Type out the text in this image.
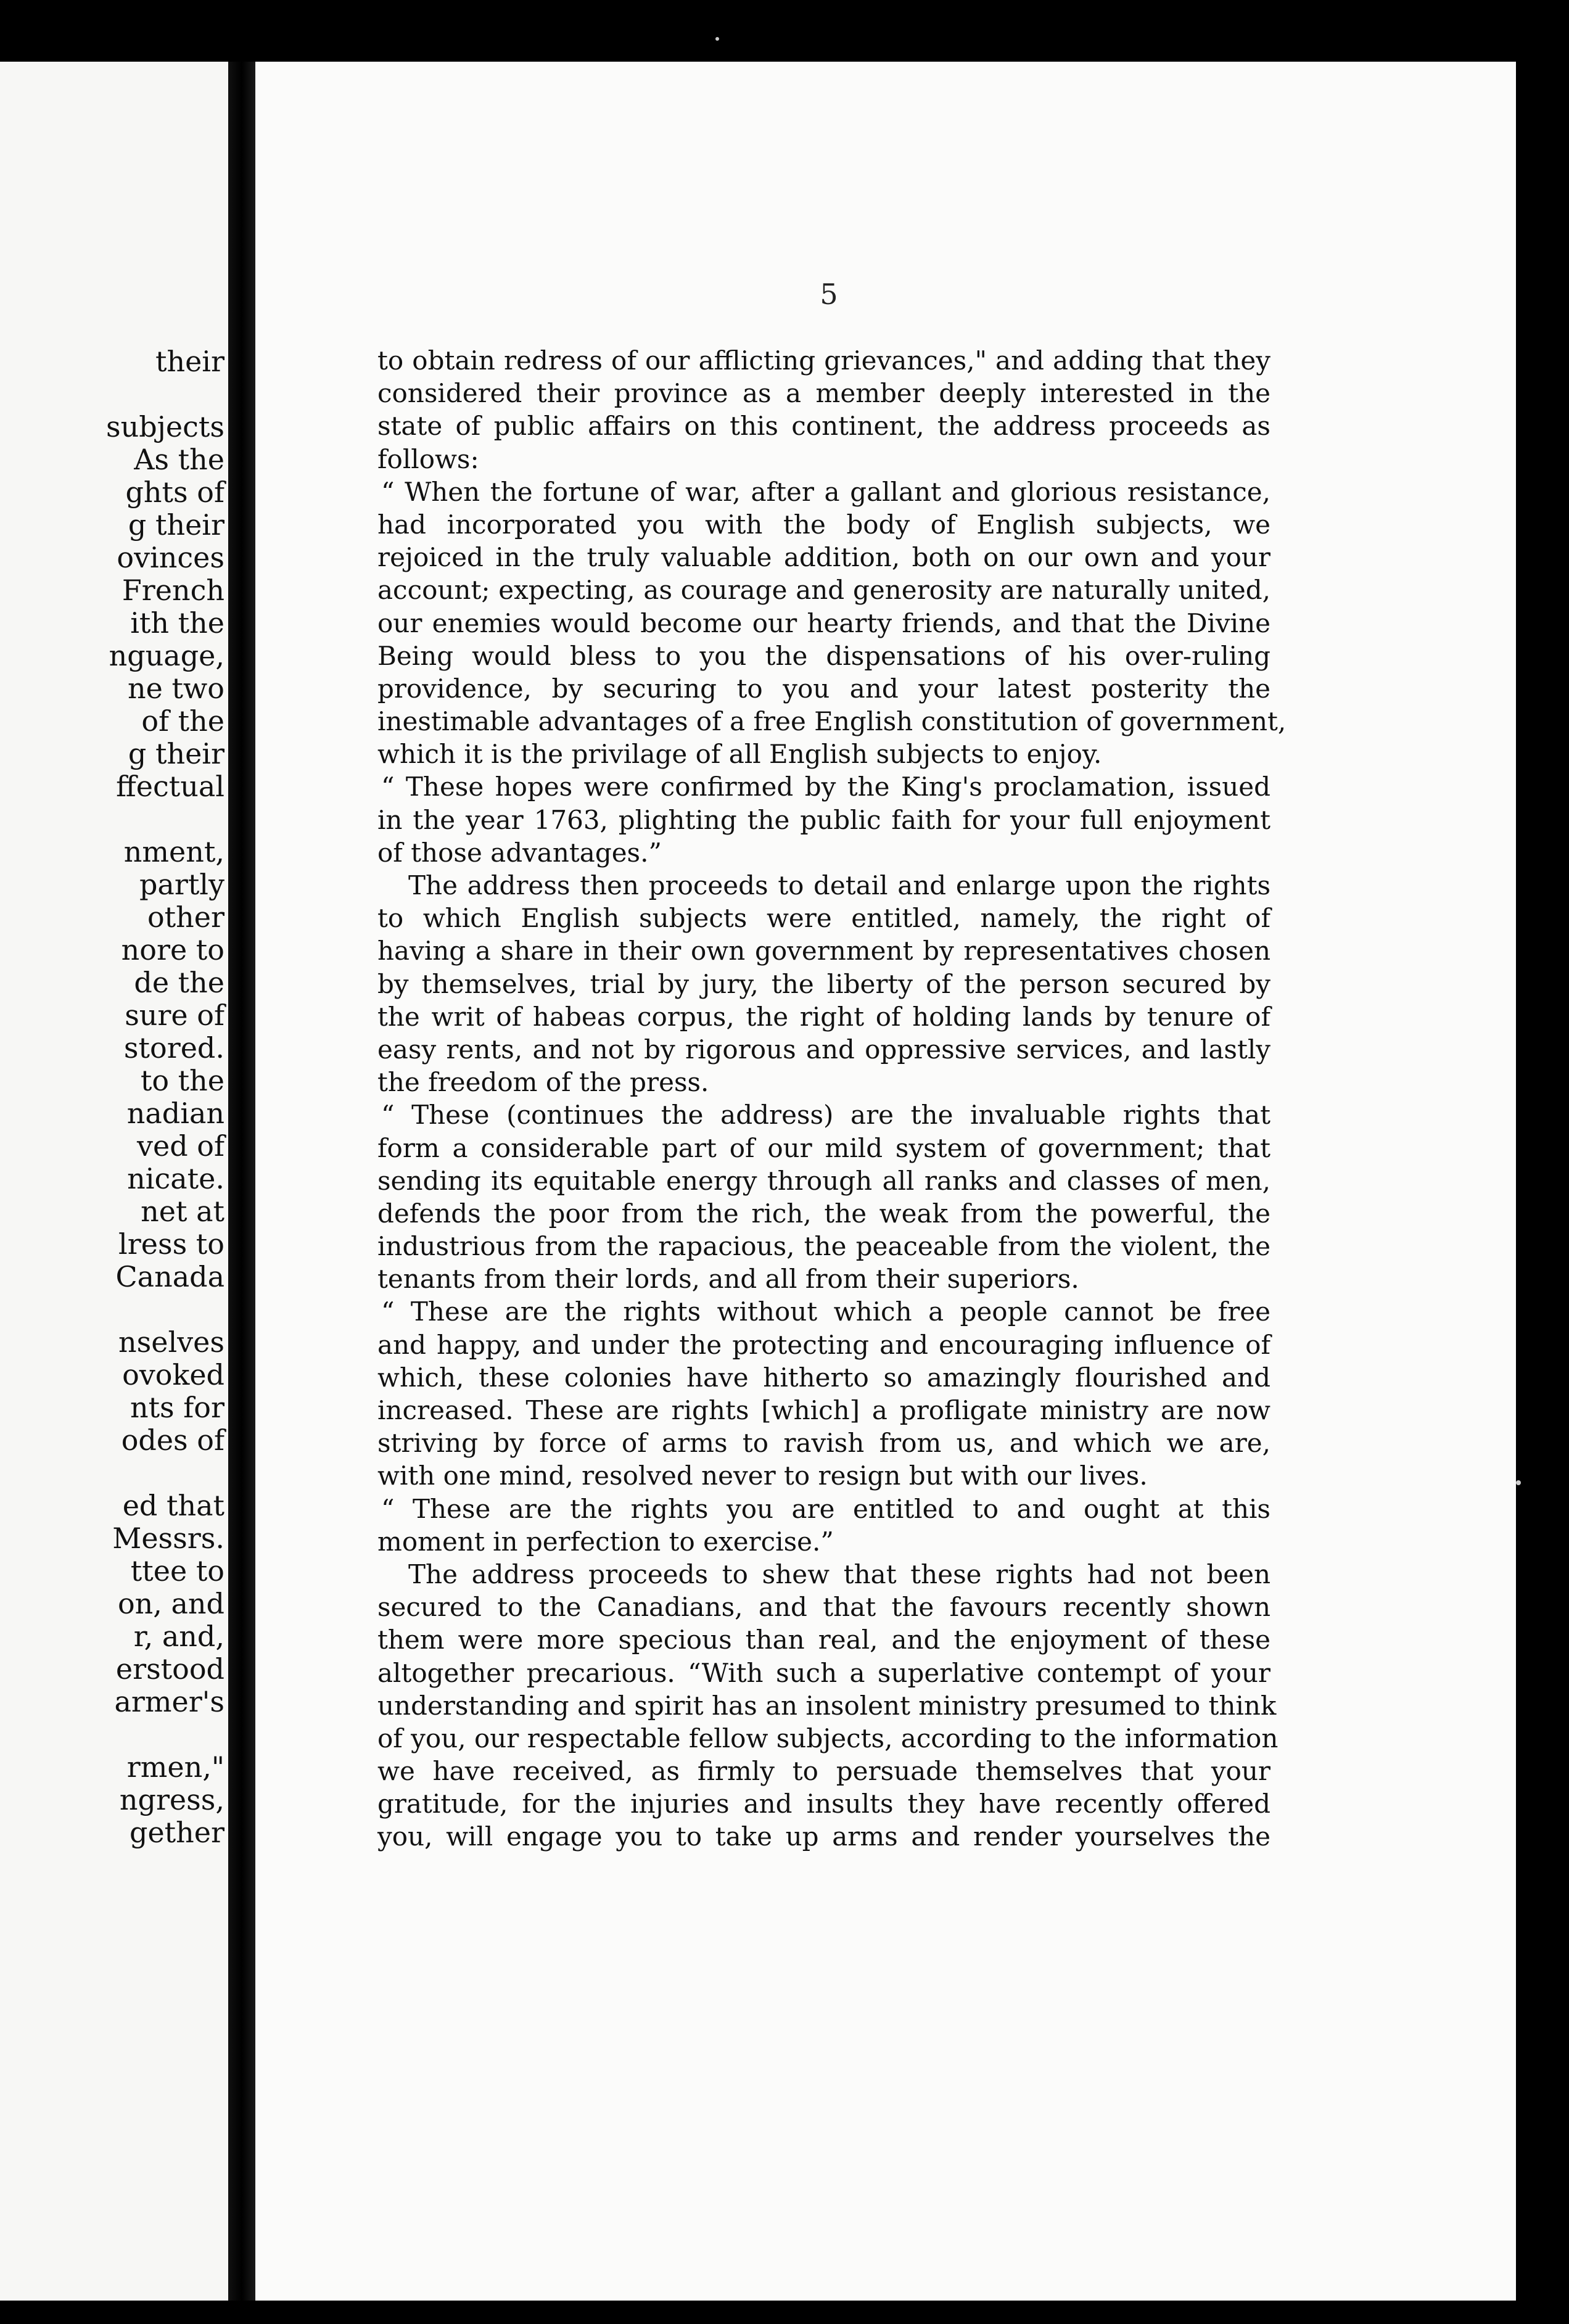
their
subjects
As the
ghts of
g their
ovinces
French
ith the
nguage,
ne two
of the
g their
ffectual
nment,
partly
other
nore to
de the
sure of
stored.
to the
nadian
ved of
nicate.
net at
lress to
Canada
nselves
ovoked
nts for
odes of
ed that
Messrs.
ttee to
on, and
r, and,
erstood
armer's
rmen,"
ngress,
gether
5
to obtain redress of our afflicting grievances," and adding that they
considered their province as a member deeply interested in the
state of public affairs on this continent, the address proceeds as
follows:
“ When the fortune of war, after a gallant and glorious resistance,
had incorporated you with the body of English subjects, we
rejoiced in the truly valuable addition, both on our own and your
account; expecting, as courage and generosity are naturally united,
our enemies would become our hearty friends, and that the Divine
Being would bless to you the dispensations of his over-ruling
providence, by securing to you and your latest posterity the
inestimable advantages of a free English constitution of government,
which it is the privilage of all English subjects to enjoy.
“ These hopes were confirmed by the King's proclamation, issued
in the year 1763, plighting the public faith for your full enjoyment
of those advantages.”
The address then proceeds to detail and enlarge upon the rights
to which English subjects were entitled, namely, the right of
having a share in their own government by representatives chosen
by themselves, trial by jury, the liberty of the person secured by
the writ of habeas corpus, the right of holding lands by tenure of
easy rents, and not by rigorous and oppressive services, and lastly
the freedom of the press.
“ These (continues the address) are the invaluable rights that
form a considerable part of our mild system of government; that
sending its equitable energy through all ranks and classes of men,
defends the poor from the rich, the weak from the powerful, the
industrious from the rapacious, the peaceable from the violent, the
tenants from their lords, and all from their superiors.
“ These are the rights without which a people cannot be free
and happy, and under the protecting and encouraging influence of
which, these colonies have hitherto so amazingly flourished and
increased. These are rights [which] a profligate ministry are now
striving by force of arms to ravish from us, and which we are,
with one mind, resolved never to resign but with our lives.
“ These are the rights you are entitled to and ought at this
moment in perfection to exercise.”
The address proceeds to shew that these rights had not been
secured to the Canadians, and that the favours recently shown
them were more specious than real, and the enjoyment of these
altogether precarious. “With such a superlative contempt of your
understanding and spirit has an insolent ministry presumed to think
of you, our respectable fellow subjects, according to the information
we have received, as firmly to persuade themselves that your
gratitude, for the injuries and insults they have recently offered
you, will engage you to take up arms and render yourselves the
